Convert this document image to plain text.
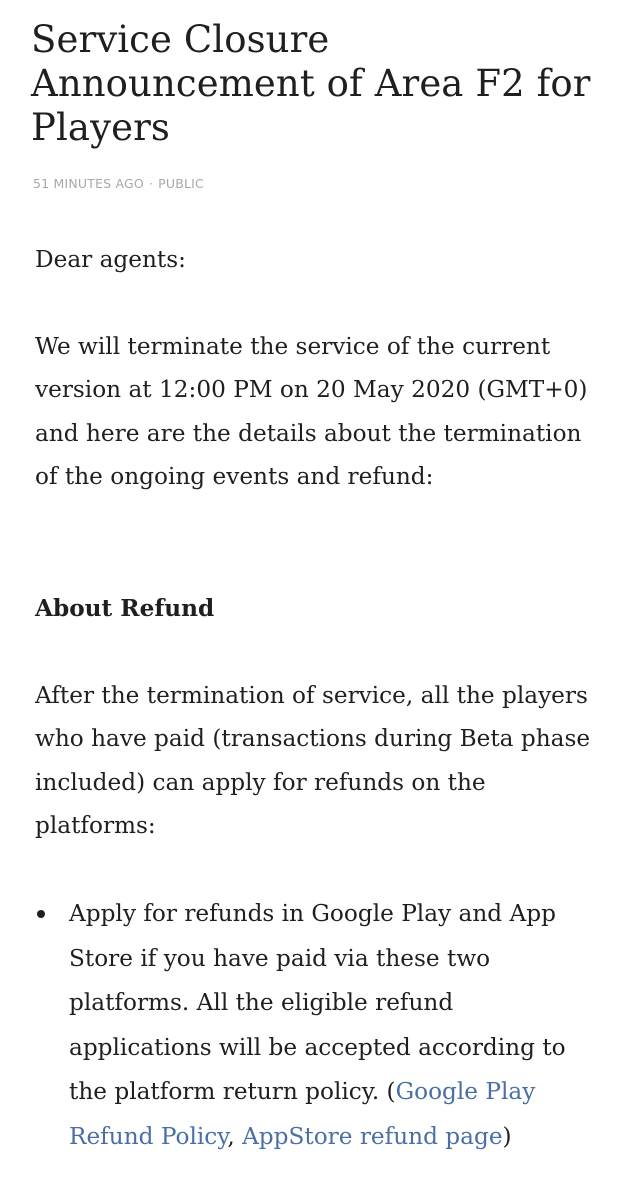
Service Closure Announcement of Area F2 for Players
51 MINUTES AGO · PUBLIC

Dear agents:

We will terminate the service of the current version at 12:00 PM on 20 May 2020 (GMT+0) and here are the details about the termination of the ongoing events and refund:

About Refund

After the termination of service, all the players who have paid (transactions during Beta phase included) can apply for refunds on the platforms:

Apply for refunds in Google Play and App Store if you have paid via these two platforms. All the eligible refund applications will be accepted according to the platform return policy. (Google Play Refund Policy, AppStore refund page)
